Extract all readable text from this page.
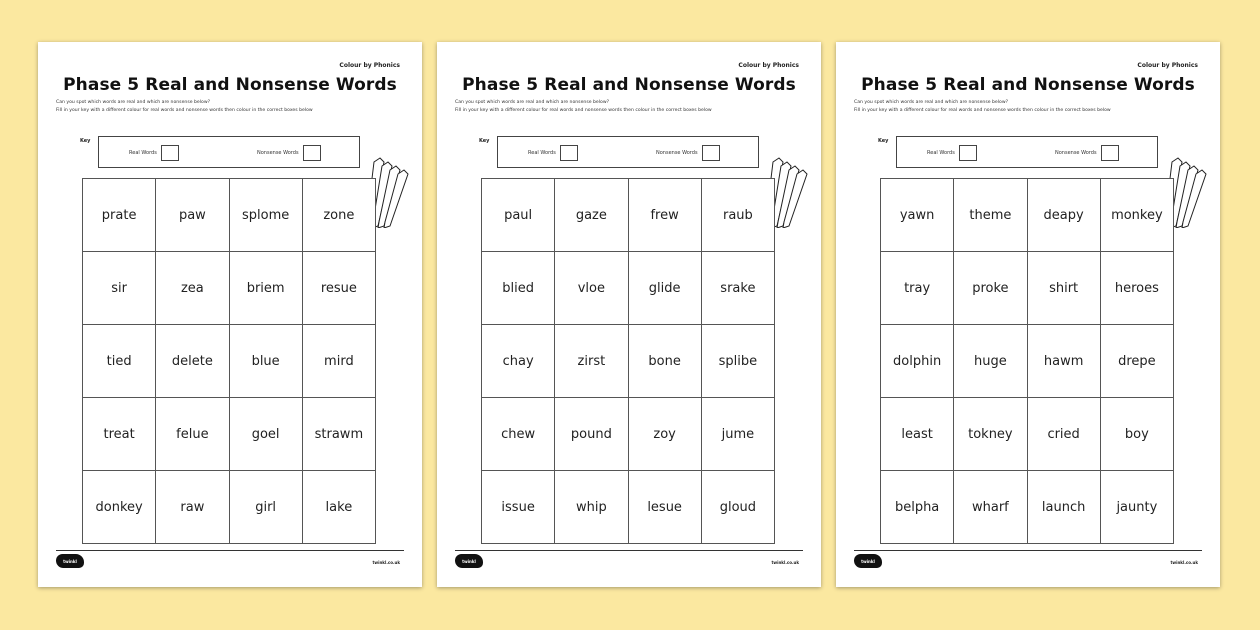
Colour by Phonics
Phase 5 Real and Nonsense Words
Can you spot which words are real and which are nonsense below?
Fill in your key with a different colour for real words and nonsense words then colour in the correct boxes below
Key
Real Words	Nonsense Words
prate	paw	splome	zone
sir	zea	briem	resue
tied	delete	blue	mird
treat	felue	goel	strawm
donkey	raw	girl	lake
twinkl	twinkl.co.uk
Colour by Phonics
Phase 5 Real and Nonsense Words
Can you spot which words are real and which are nonsense below?
Fill in your key with a different colour for real words and nonsense words then colour in the correct boxes below
Key
Real Words	Nonsense Words
paul	gaze	frew	raub
blied	vloe	glide	srake
chay	zirst	bone	splibe
chew	pound	zoy	jume
issue	whip	lesue	gloud
twinkl	twinkl.co.uk
Colour by Phonics
Phase 5 Real and Nonsense Words
Can you spot which words are real and which are nonsense below?
Fill in your key with a different colour for real words and nonsense words then colour in the correct boxes below
Key
Real Words	Nonsense Words
yawn	theme	deapy	monkey
tray	proke	shirt	heroes
dolphin	huge	hawm	drepe
least	tokney	cried	boy
belpha	wharf	launch	jaunty
twinkl	twinkl.co.uk
